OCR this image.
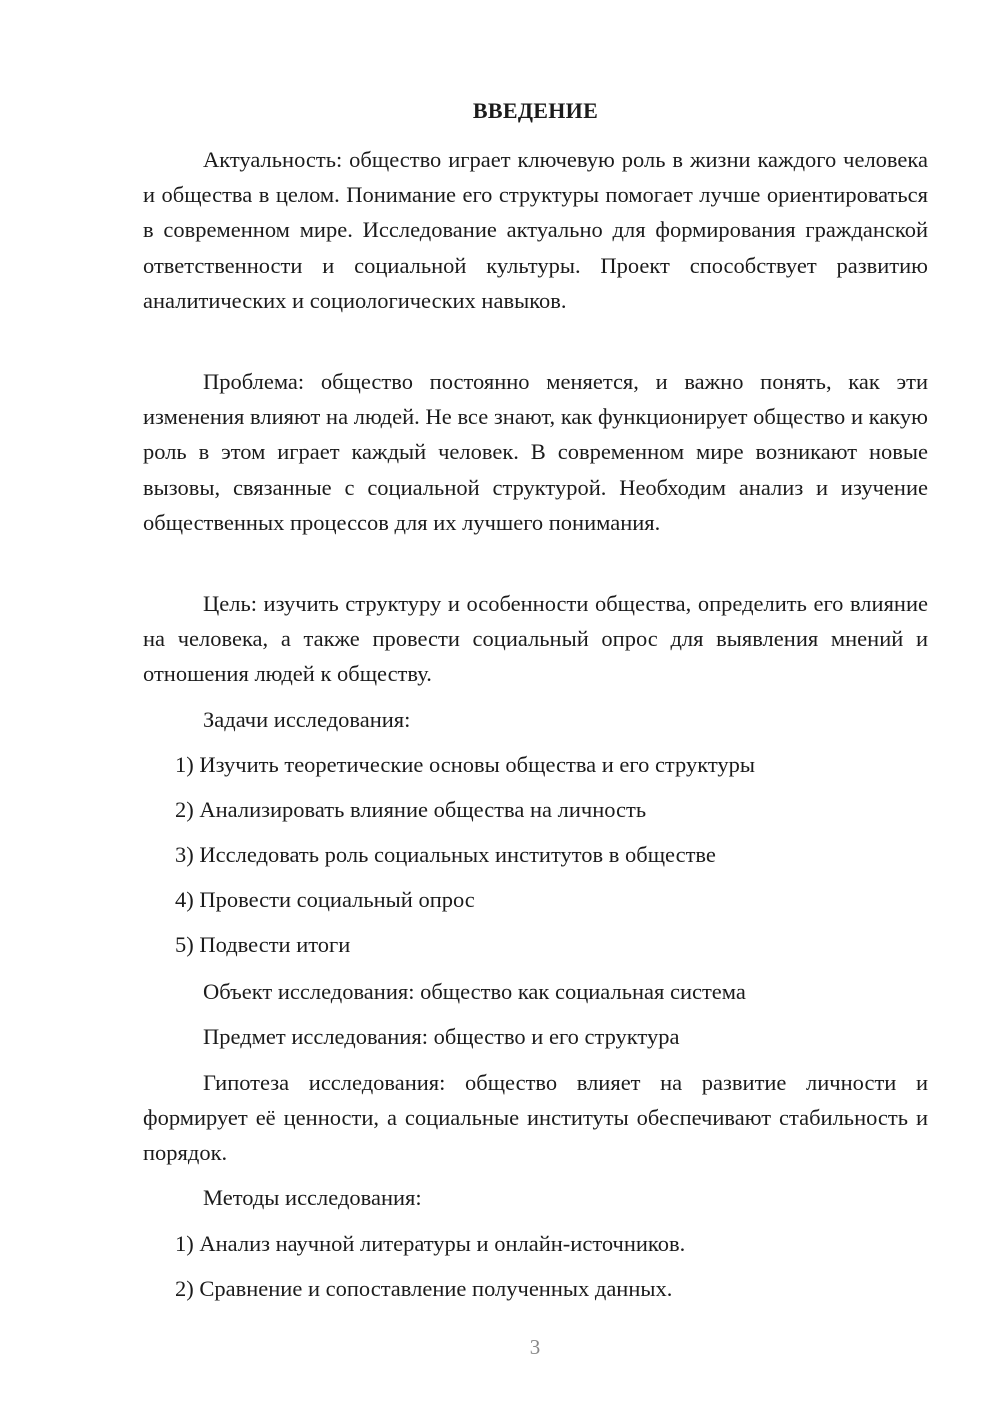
ВВЕДЕНИЕ

Актуальность: общество играет ключевую роль в жизни каждого человека и общества в целом. Понимание его структуры помогает лучше ориентироваться в современном мире. Исследование актуально для формирования гражданской ответственности и социальной культуры. Проект способствует развитию аналитических и социологических навыков.

Проблема: общество постоянно меняется, и важно понять, как эти изменения влияют на людей. Не все знают, как функционирует общество и какую роль в этом играет каждый человек. В современном мире возникают новые вызовы, связанные с социальной структурой. Необходим анализ и изучение общественных процессов для их лучшего понимания.

Цель: изучить структуру и особенности общества, определить его влияние на человека, а также провести социальный опрос для выявления мнений и отношения людей к обществу.

Задачи исследования:

1) Изучить теоретические основы общества и его структуры

2) Анализировать влияние общества на личность

3) Исследовать роль социальных институтов в обществе

4) Провести социальный опрос

5) Подвести итоги

Объект исследования: общество как социальная система

Предмет исследования: общество и его структура

Гипотеза исследования: общество влияет на развитие личности и формирует её ценности, а социальные институты обеспечивают стабильность и порядок.

Методы исследования:

1) Анализ научной литературы и онлайн-источников.

2) Сравнение и сопоставление полученных данных.

3
